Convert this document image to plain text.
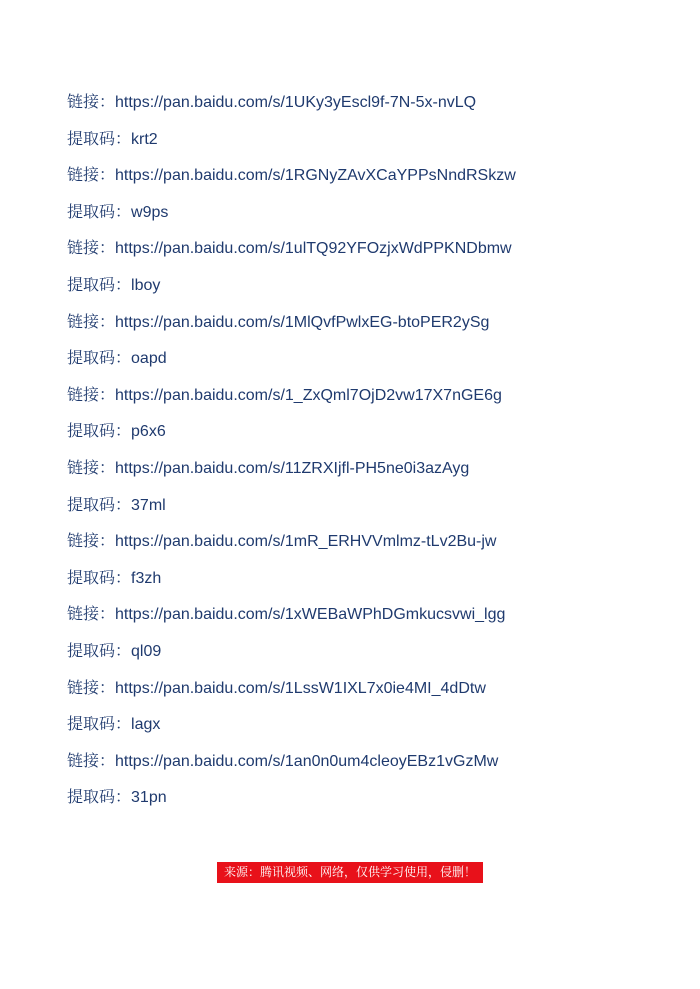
链接：https://pan.baidu.com/s/1UKy3yEscl9f-7N-5x-nvLQ
提取码：krt2
链接：https://pan.baidu.com/s/1RGNyZAvXCaYPPsNndRSkzw
提取码：w9ps
链接：https://pan.baidu.com/s/1ulTQ92YFOzjxWdPPKNDbmw
提取码：lboy
链接：https://pan.baidu.com/s/1MlQvfPwlxEG-btoPER2ySg
提取码：oapd
链接：https://pan.baidu.com/s/1_ZxQml7OjD2vw17X7nGE6g
提取码：p6x6
链接：https://pan.baidu.com/s/11ZRXIjfl-PH5ne0i3azAyg
提取码：37ml
链接：https://pan.baidu.com/s/1mR_ERHVVmlmz-tLv2Bu-jw
提取码：f3zh
链接：https://pan.baidu.com/s/1xWEBaWPhDGmkucsvwi_lgg
提取码：ql09
链接：https://pan.baidu.com/s/1LssW1IXL7x0ie4MI_4dDtw
提取码：lagx
链接：https://pan.baidu.com/s/1an0n0um4cleoyEBz1vGzMw
提取码：31pn
来源：腾讯视频、网络，仅供学习使用，侵删！
